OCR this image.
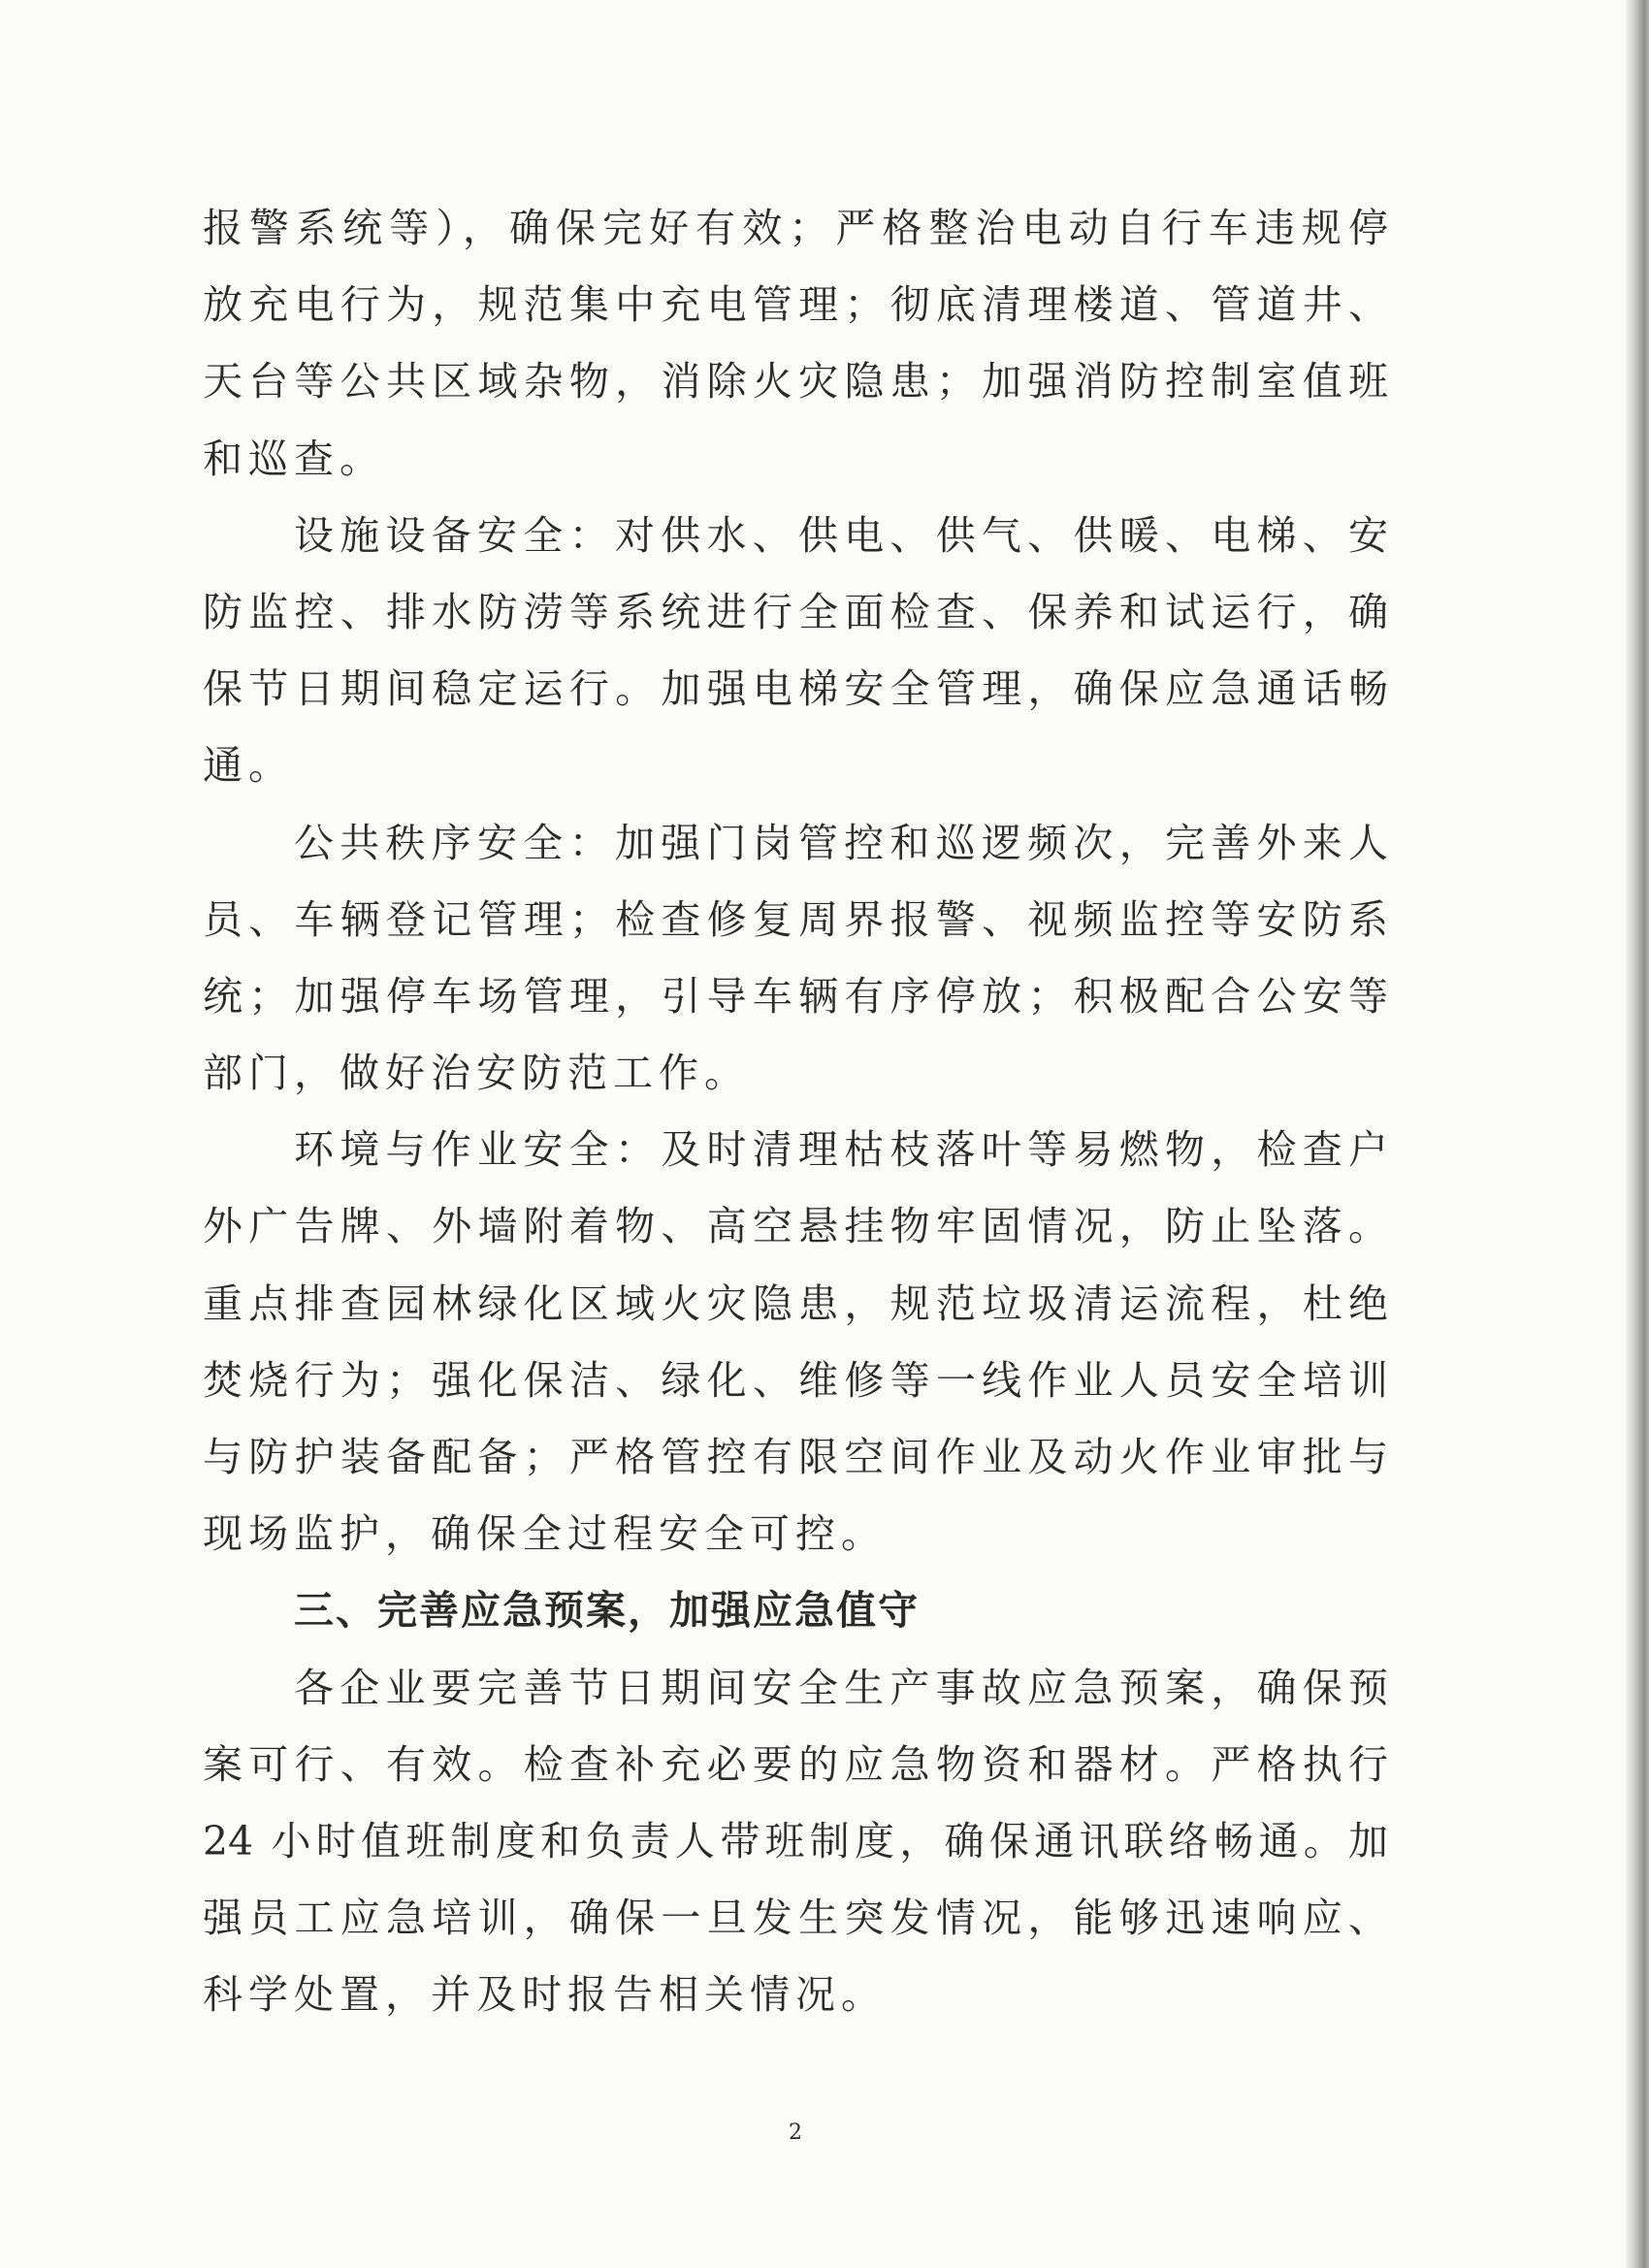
报警系统等），确保完好有效；严格整治电动自行车违规停
放充电行为，规范集中充电管理；彻底清理楼道、管道井、
天台等公共区域杂物，消除火灾隐患；加强消防控制室值班
和巡查。
设施设备安全：对供水、供电、供气、供暖、电梯、安
防监控、排水防涝等系统进行全面检查、保养和试运行，确
保节日期间稳定运行。加强电梯安全管理，确保应急通话畅
通。
公共秩序安全：加强门岗管控和巡逻频次，完善外来人
员、车辆登记管理；检查修复周界报警、视频监控等安防系
统；加强停车场管理，引导车辆有序停放；积极配合公安等
部门，做好治安防范工作。
环境与作业安全：及时清理枯枝落叶等易燃物，检查户
外广告牌、外墙附着物、高空悬挂物牢固情况，防止坠落。
重点排查园林绿化区域火灾隐患，规范垃圾清运流程，杜绝
焚烧行为；强化保洁、绿化、维修等一线作业人员安全培训
与防护装备配备；严格管控有限空间作业及动火作业审批与
现场监护，确保全过程安全可控。
三、完善应急预案，加强应急值守
各企业要完善节日期间安全生产事故应急预案，确保预
案可行、有效。检查补充必要的应急物资和器材。严格执行
24 小时值班制度和负责人带班制度，确保通讯联络畅通。加
强员工应急培训，确保一旦发生突发情况，能够迅速响应、
科学处置，并及时报告相关情况。
2
